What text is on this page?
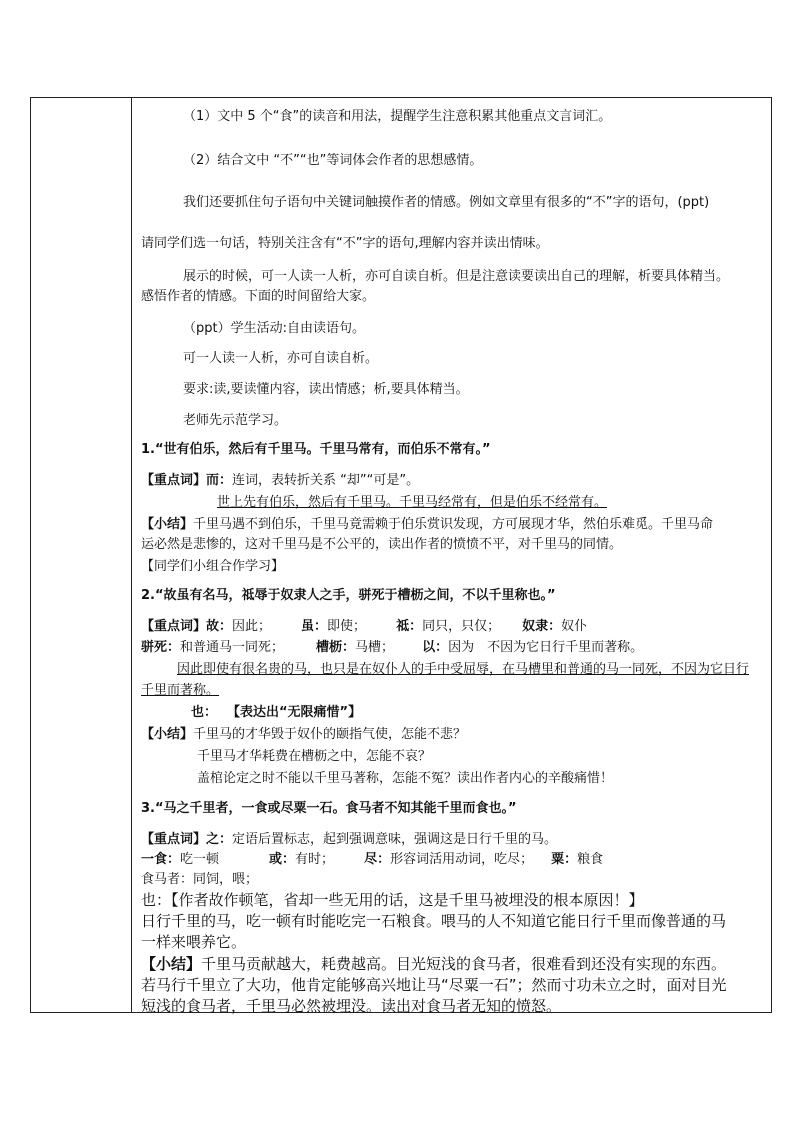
（1）文中 5 个“食”的读音和用法，提醒学生注意积累其他重点文言词汇。
（2）结合文中 “不”“也”等词体会作者的思想感情。
我们还要抓住句子语句中关键词触摸作者的情感。例如文章里有很多的“不”字的语句，(ppt)
请同学们选一句话，特别关注含有“不”字的语句,理解内容并读出情味。
展示的时候，可一人读一人析，亦可自读自析。但是注意读要读出自己的理解，析要具体精当。
感悟作者的情感。下面的时间留给大家。
（ppt）学生活动:自由读语句。
可一人读一人析，亦可自读自析。
要求:读,要读懂内容，读出情感；析,要具体精当。
老师先示范学习。
1.“世有伯乐，然后有千里马。千里马常有，而伯乐不常有。”
【重点词】而：连词，表转折关系 “却”“可是”。
世上先有伯乐，然后有千里马。千里马经常有，但是伯乐不经常有。
【小结】千里马遇不到伯乐，千里马竟需赖于伯乐赏识发现，方可展现才华，然伯乐难觅。千里马命
运必然是悲惨的，这对千里马是不公平的，读出作者的愤愤不平，对千里马的同情。
【同学们小组合作学习】
2.“故虽有名马，祗辱于奴隶人之手，骈死于槽枥之间，不以千里称也。”
【重点词】故：因此； 虽：即使； 祗：同只，只仅； 奴隶：奴仆
骈死：和普通马一同死； 槽枥：马槽； 以：因为　不因为它日行千里而著称。
因此即使有很名贵的马，也只是在奴仆人的手中受屈辱，在马槽里和普通的马一同死，不因为它日行
千里而著称。
也： 【表达出“无限痛惜”】
【小结】千里马的才华毁于奴仆的颐指气使，怎能不悲？
千里马才华耗费在槽枥之中，怎能不哀？
盖棺论定之时不能以千里马著称，怎能不冤？读出作者内心的辛酸痛惜！
3.“马之千里者，一食或尽粟一石。食马者不知其能千里而食也。”
【重点词】之：定语后置标志，起到强调意味，强调这是日行千里的马。
一食：吃一顿	或：有时； 尽：形容词活用动词，吃尽； 粟：粮食
食马者：同饲，喂；
也：【作者故作顿笔，省却一些无用的话，这是千里马被埋没的根本原因！】
日行千里的马，吃一顿有时能吃完一石粮食。喂马的人不知道它能日行千里而像普通的马
一样来喂养它。
【小结】千里马贡献越大，耗费越高。目光短浅的食马者，很难看到还没有实现的东西。
若马行千里立了大功，他肯定能够高兴地让马“尽粟一石”；然而寸功未立之时，面对目光
短浅的食马者，千里马必然被埋没。读出对食马者无知的愤怒。
